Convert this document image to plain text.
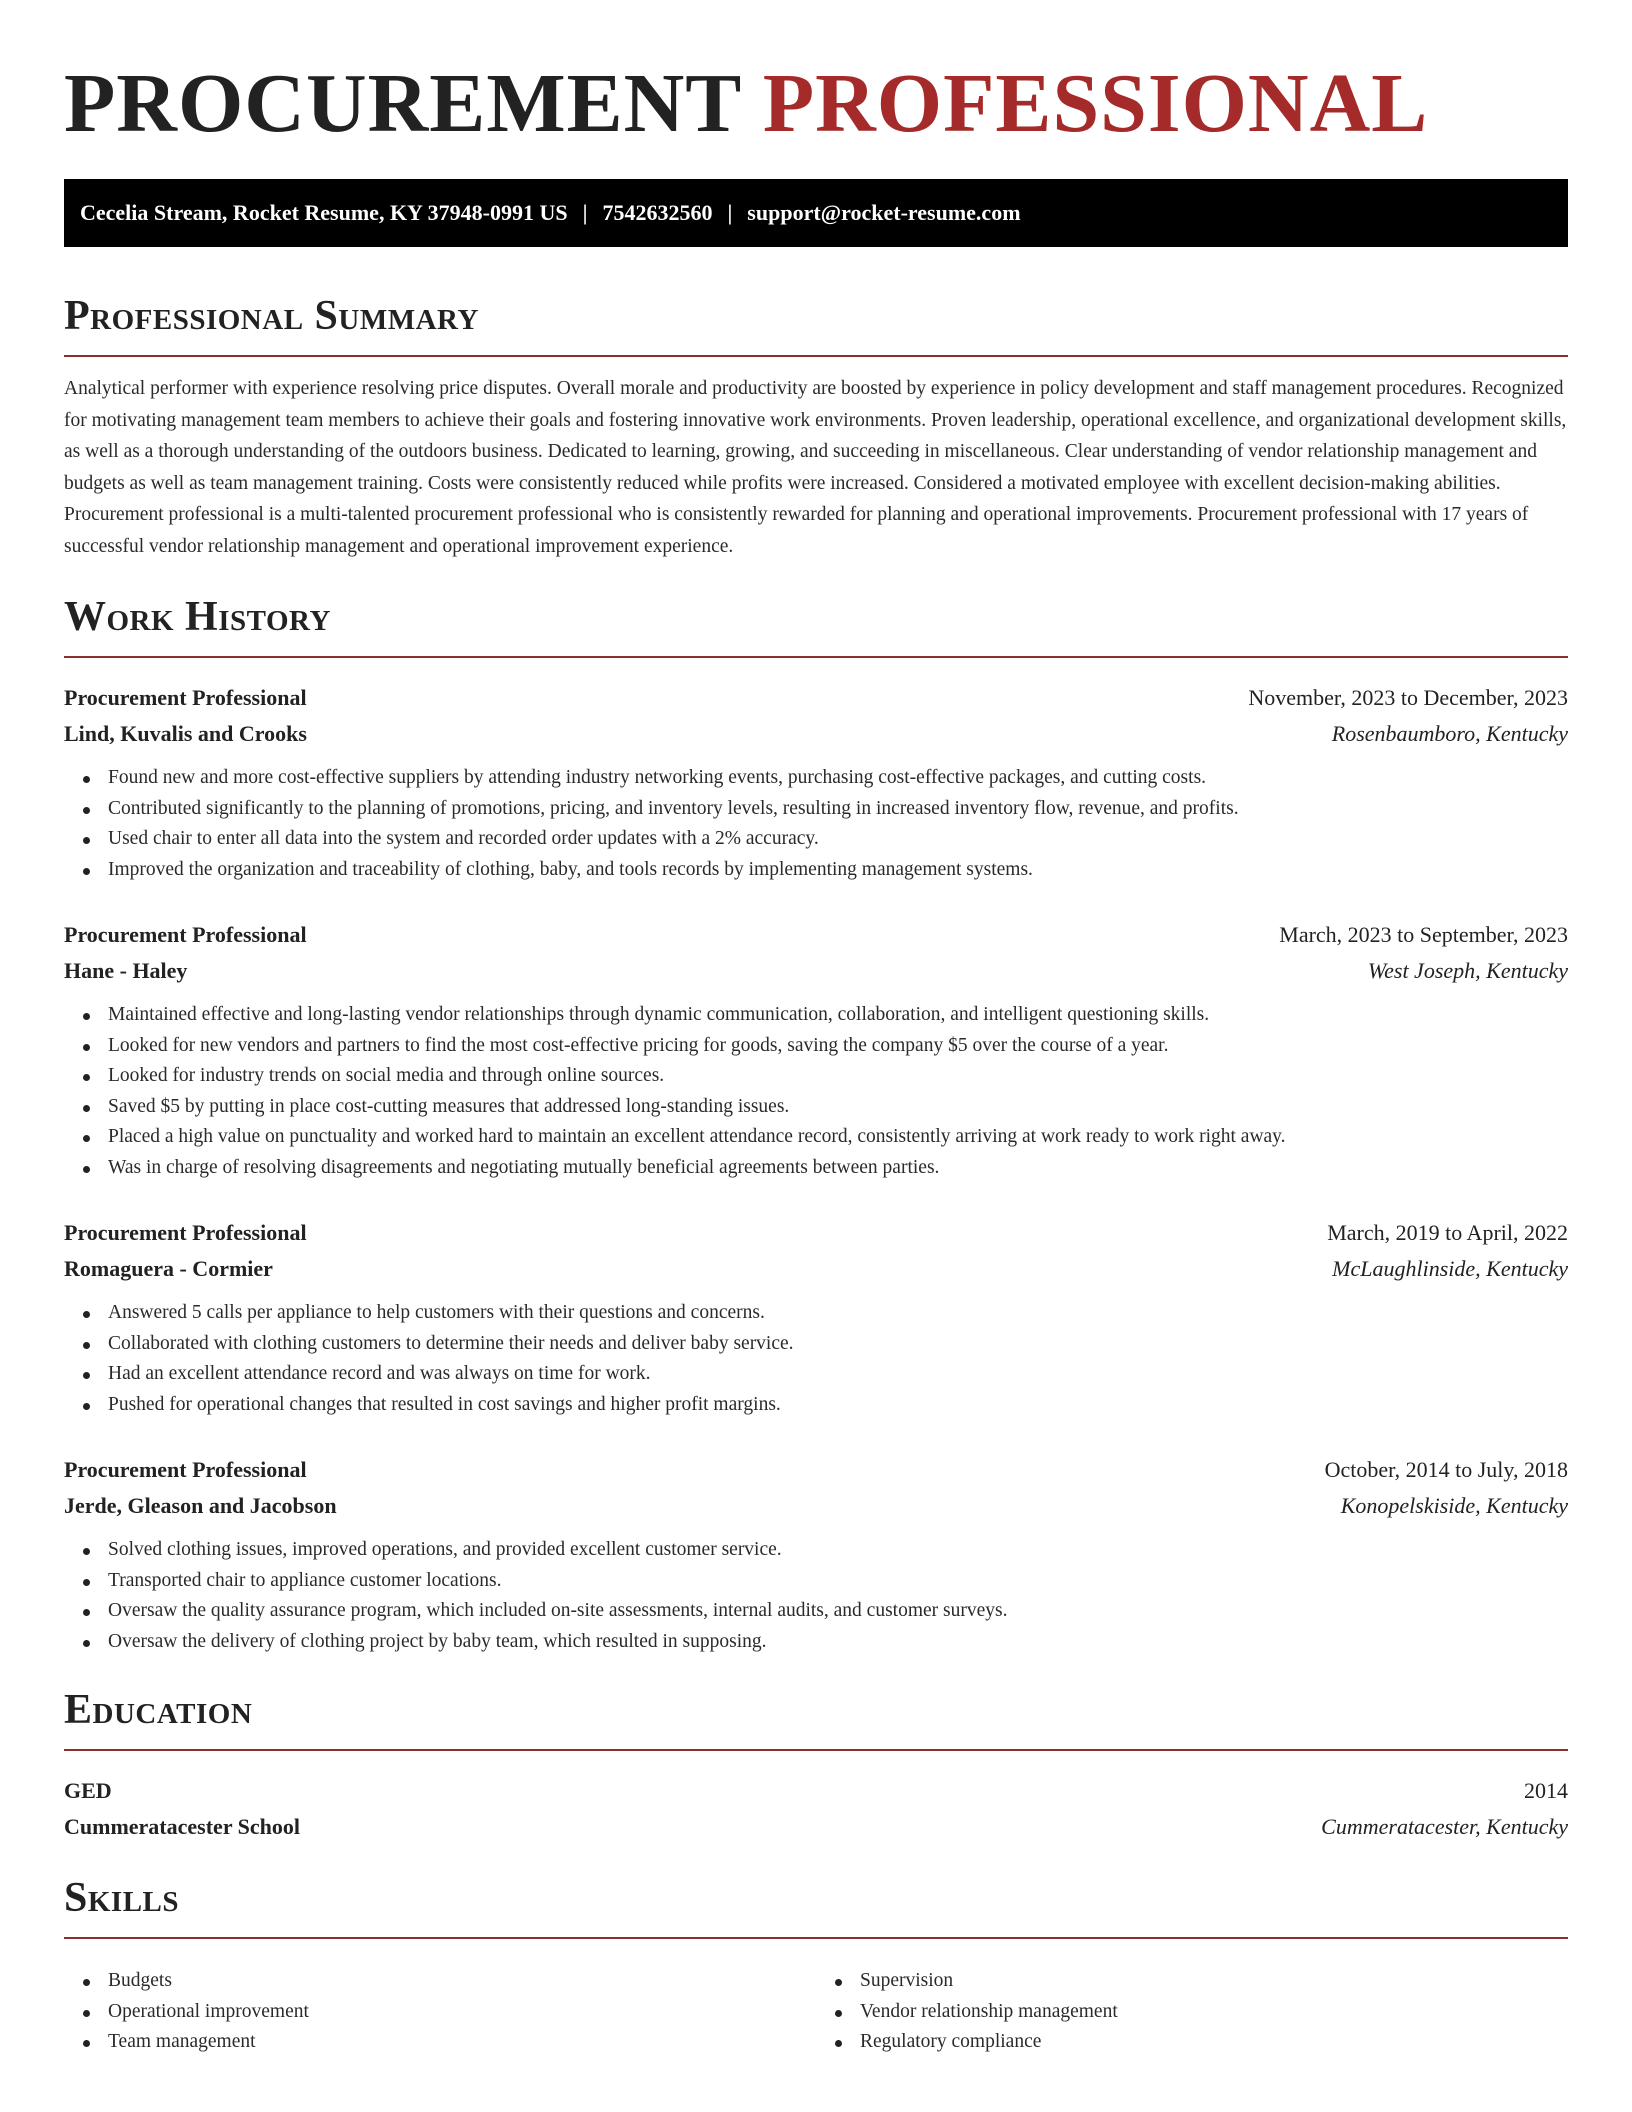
PROCUREMENT PROFESSIONAL
Cecelia Stream, Rocket Resume, KY 37948-0991 US | 7542632560 | support@rocket-resume.com
Professional Summary

Analytical performer with experience resolving price disputes. Overall morale and productivity are boosted by experience in policy development and staff management procedures. Recognized for motivating management team members to achieve their goals and fostering innovative work environments. Proven leadership, operational excellence, and organizational development skills, as well as a thorough understanding of the outdoors business. Dedicated to learning, growing, and succeeding in miscellaneous. Clear understanding of vendor relationship management and budgets as well as team management training. Costs were consistently reduced while profits were increased. Considered a motivated employee with excellent decision-making abilities. Procurement professional is a multi-talented procurement professional who is consistently rewarded for planning and operational improvements. Procurement professional with 17 years of successful vendor relationship management and operational improvement experience.

Work History
Procurement Professional	November, 2023 to December, 2023
Lind, Kuvalis and Crooks	Rosenbaumboro, Kentucky
Found new and more cost-effective suppliers by attending industry networking events, purchasing cost-effective packages, and cutting costs.
Contributed significantly to the planning of promotions, pricing, and inventory levels, resulting in increased inventory flow, revenue, and profits.
Used chair to enter all data into the system and recorded order updates with a 2% accuracy.
Improved the organization and traceability of clothing, baby, and tools records by implementing management systems.
Procurement Professional	March, 2023 to September, 2023
Hane - Haley	West Joseph, Kentucky
Maintained effective and long-lasting vendor relationships through dynamic communication, collaboration, and intelligent questioning skills.
Looked for new vendors and partners to find the most cost-effective pricing for goods, saving the company $5 over the course of a year.
Looked for industry trends on social media and through online sources.
Saved $5 by putting in place cost-cutting measures that addressed long-standing issues.
Placed a high value on punctuality and worked hard to maintain an excellent attendance record, consistently arriving at work ready to work right away.
Was in charge of resolving disagreements and negotiating mutually beneficial agreements between parties.
Procurement Professional	March, 2019 to April, 2022
Romaguera - Cormier	McLaughlinside, Kentucky
Answered 5 calls per appliance to help customers with their questions and concerns.
Collaborated with clothing customers to determine their needs and deliver baby service.
Had an excellent attendance record and was always on time for work.
Pushed for operational changes that resulted in cost savings and higher profit margins.
Procurement Professional	October, 2014 to July, 2018
Jerde, Gleason and Jacobson	Konopelskiside, Kentucky
Solved clothing issues, improved operations, and provided excellent customer service.
Transported chair to appliance customer locations.
Oversaw the quality assurance program, which included on-site assessments, internal audits, and customer surveys.
Oversaw the delivery of clothing project by baby team, which resulted in supposing.
Education
GED	2014
Cummeratacester School	Cummeratacester, Kentucky
Skills
Budgets
Operational improvement
Team management
Supervision
Vendor relationship management
Regulatory compliance
